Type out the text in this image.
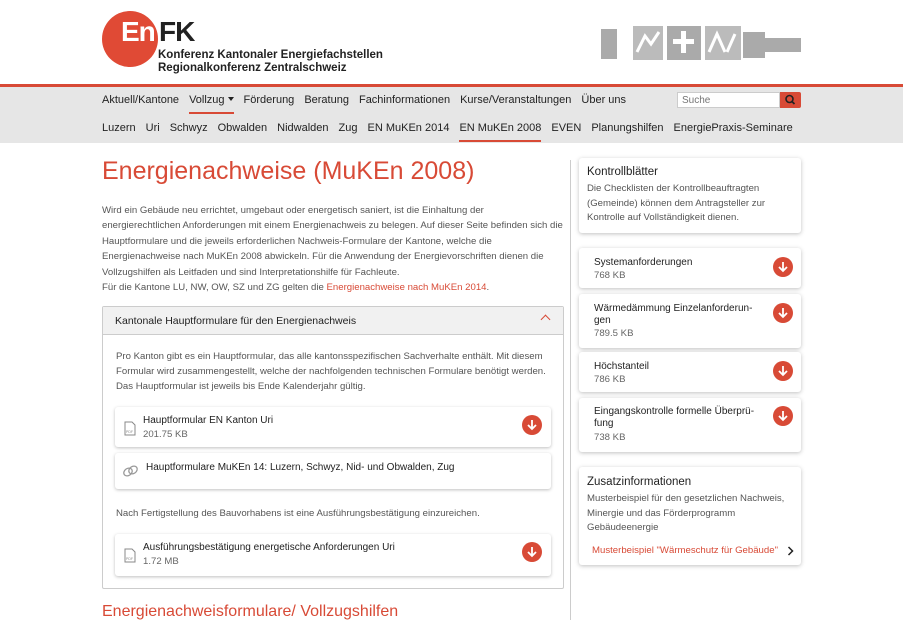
En FK
Konferenz Kantonaler Energiefachstellen
Regionalkonferenz Zentralschweiz
Aktuell/Kantone Vollzug	Förderung Beratung Fachinformationen Kurse/Veranstaltungen Über uns
Suche
Luzern Uri Schwyz Obwalden Nidwalden Zug EN MuKEn 2014 EN MuKEn 2008 EVEN Planungshilfen EnergiePraxis-Seminare
Energienachweise (MuKEn 2008)

Wird ein Gebäude neu errichtet, umgebaut oder energetisch saniert, ist die Einhaltung der energierechtlichen Anforderungen mit einem Energienachweis zu belegen. Auf dieser Seite befinden sich die Hauptformulare und die jeweils erforderlichen Nachweis-Formulare der Kantone, welche die Energienachweise nach MuKEn 2008 abwickeln. Für die Anwendung der Energievorschriften dienen die Vollzugshilfen als Leitfaden und sind Interpretationshilfe für Fachleute.
Für die Kantone LU, NW, OW, SZ und ZG gelten die Energienachweise nach MuKEn 2014.

Kantonale Hauptformulare für den Energienachweis
Pro Kanton gibt es ein Hauptformular, das alle kantonsspezifischen Sachverhalte enthält. Mit diesem Formular wird zusammengestellt, welche der nachfolgenden technischen Formulare benötigt werden. Das Hauptformular ist jeweils bis Ende Kalenderjahr gültig.
PDF
Hauptformular EN Kanton Uri
201.75 KB
Hauptformulare MuKEn 14: Luzern, Schwyz, Nid- und Obwalden, Zug
Nach Fertigstellung des Bauvorhabens ist eine Ausführungsbestätigung einzureichen.
PDF
Ausführungsbestätigung energetische Anforderungen Uri
1.72 MB
Energienachweisformulare/ Vollzugshilfen
Kontrollblätter
Die Checklisten der Kontrollbeauftragten (Gemeinde) können dem Antragsteller zur Kontrolle auf Vollständigkeit dienen.
Systemanforderungen
768 KB
Wärmedämmung Einzelanforderun-gen
789.5 KB
Höchstanteil
786 KB
Eingangskontrolle formelle Überprü-fung
738 KB
Zusatzinformationen
Musterbeispiel für den gesetzlichen Nachweis, Minergie und das Förderprogramm Gebäudeenergie
Musterbeispiel "Wärmeschutz für Gebäude"
